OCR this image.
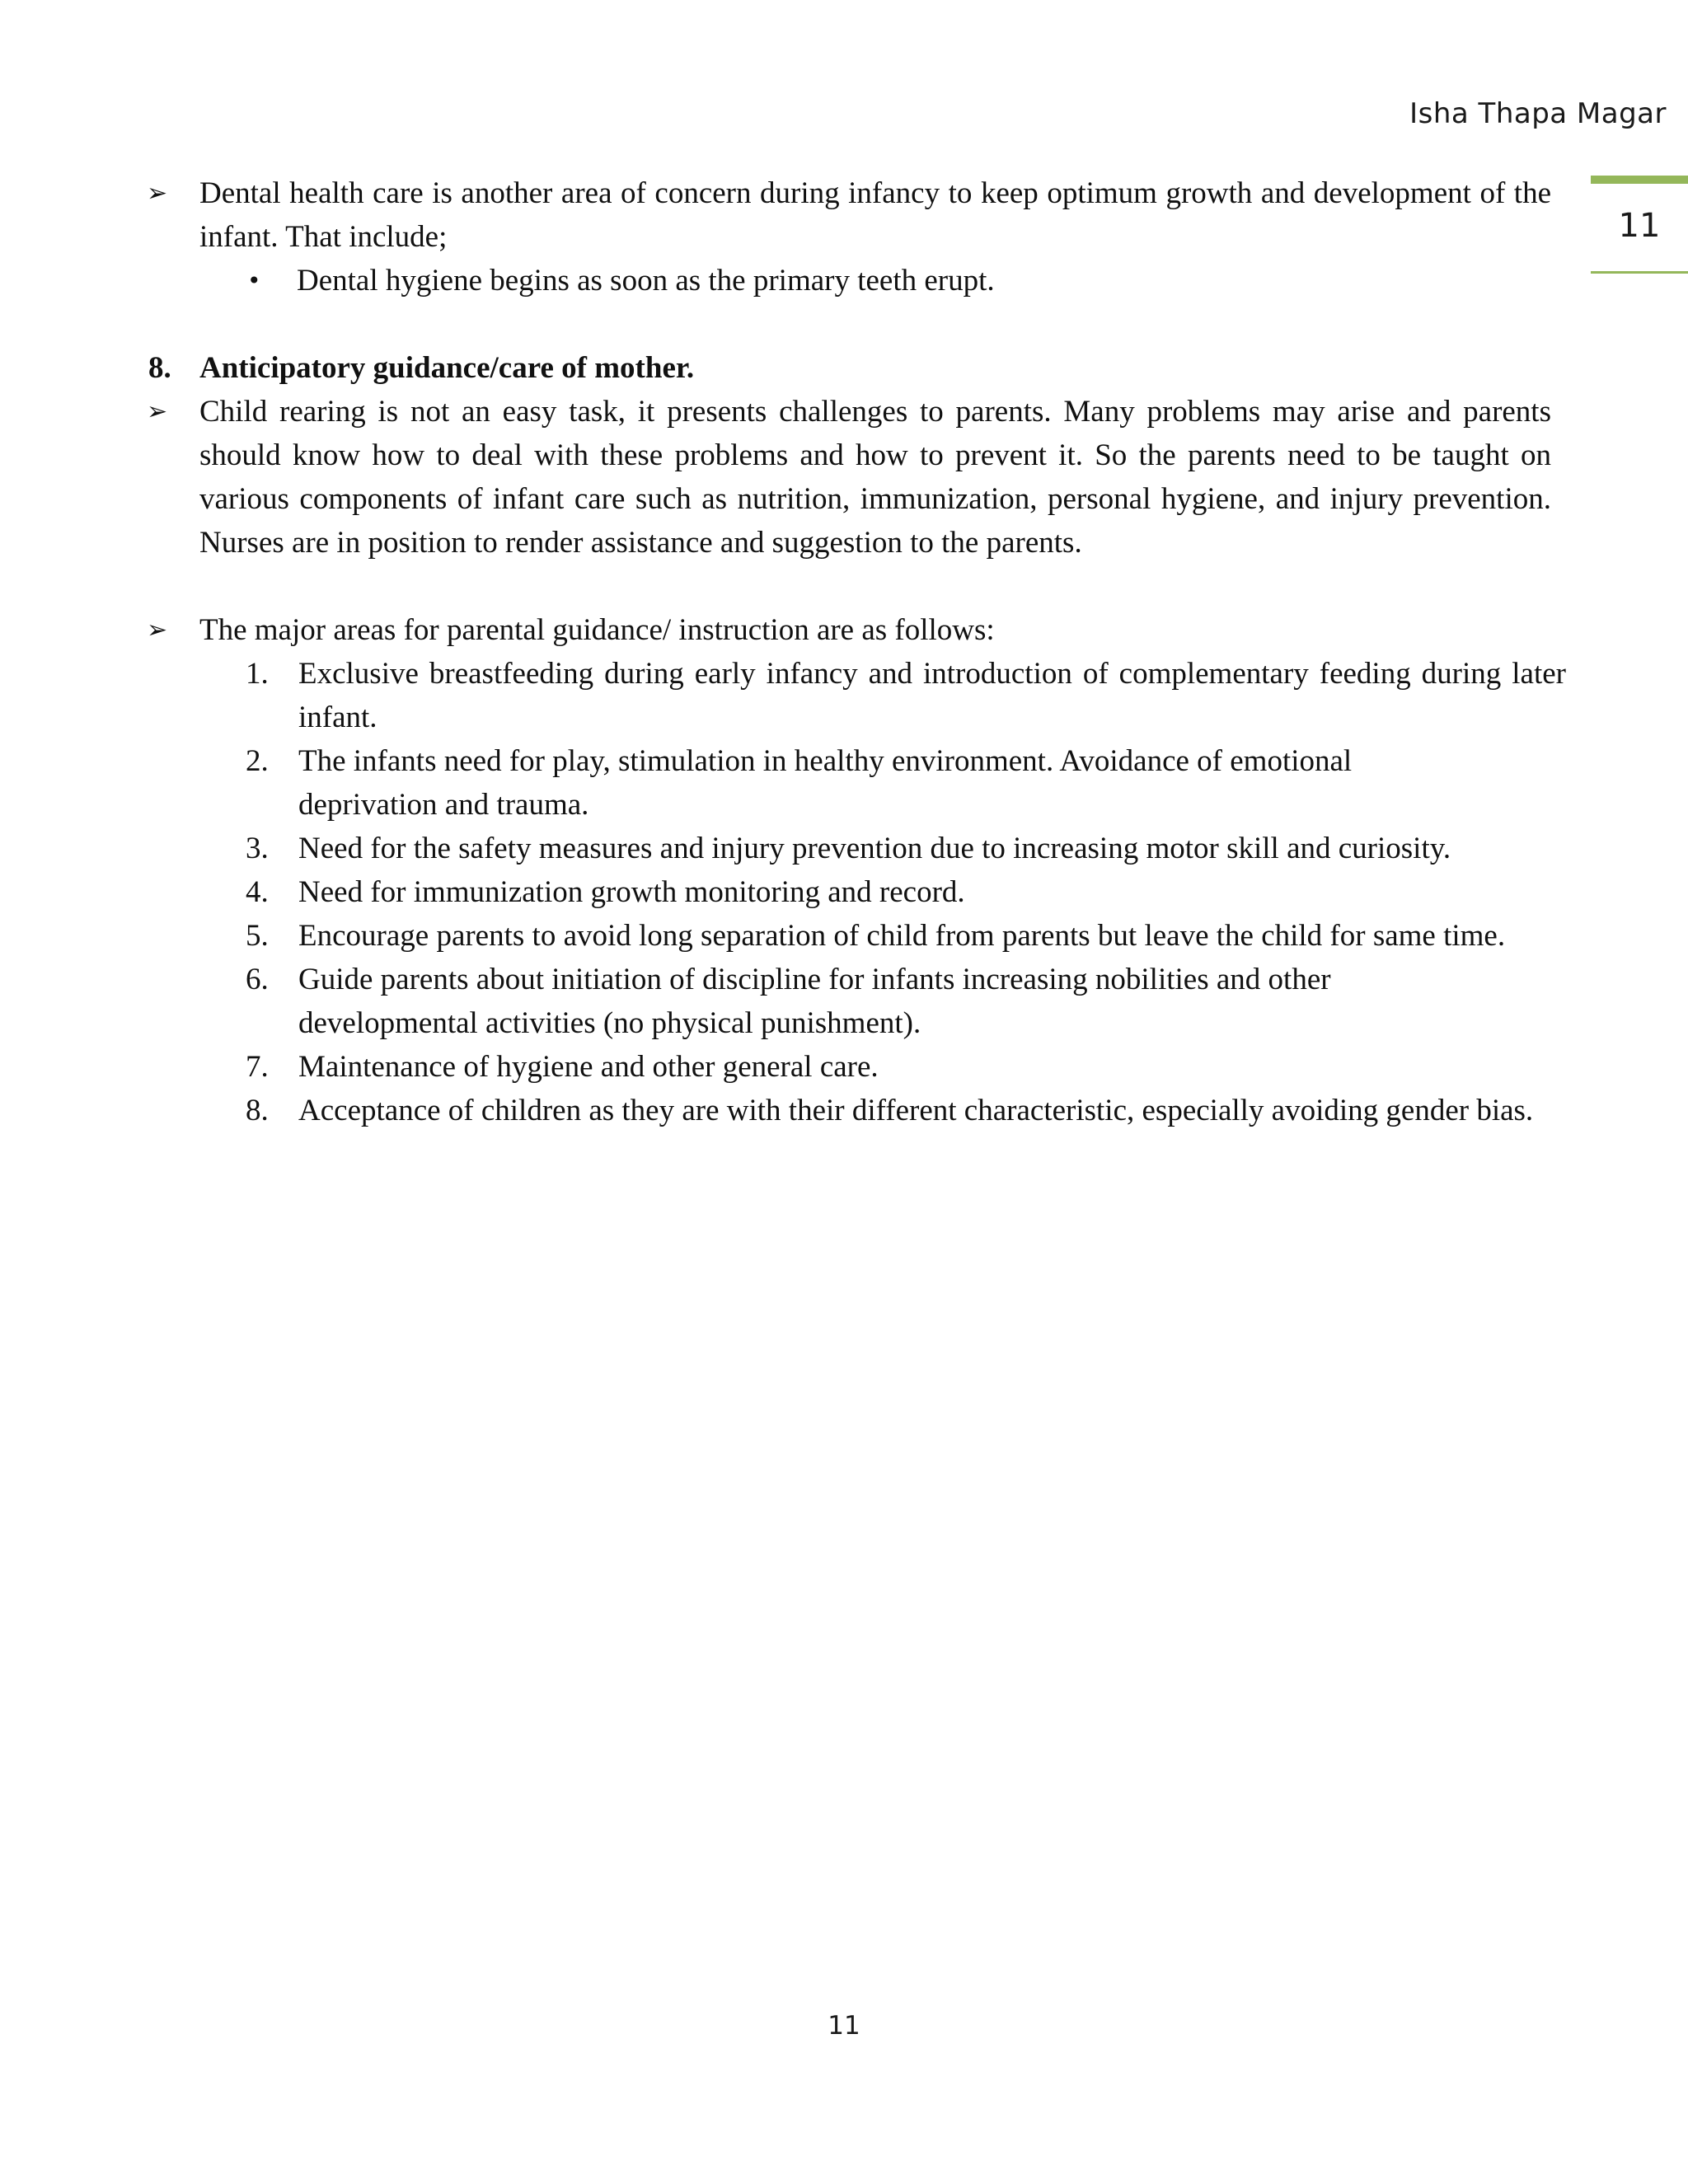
Isha Thapa Magar
11
➢	Dental health care is another area of concern during infancy to keep optimum growth and development of the infant. That include;
• Dental hygiene begins as soon as the primary teeth erupt.
8. Anticipatory guidance/care of mother.
➢	Child rearing is not an easy task, it presents challenges to parents. Many problems may arise and parents should know how to deal with these problems and how to prevent it. So the parents need to be taught on various components of infant care such as nutrition, immunization, personal hygiene, and injury prevention. Nurses are in position to render assistance and suggestion to the parents.
➢	The major areas for parental guidance/ instruction are as follows:
1. Exclusive breastfeeding during early infancy and introduction of complementary feeding during later infant.
2. The infants need for play, stimulation in healthy environment. Avoidance of emotional deprivation and trauma.
3. Need for the safety measures and injury prevention due to increasing motor skill and curiosity.
4. Need for immunization growth monitoring and record.
5. Encourage parents to avoid long separation of child from parents but leave the child for same time.
6. Guide parents about initiation of discipline for infants increasing nobilities and other developmental activities (no physical punishment).
7. Maintenance of hygiene and other general care.
8. Acceptance of children as they are with their different characteristic, especially avoiding gender bias.
11
